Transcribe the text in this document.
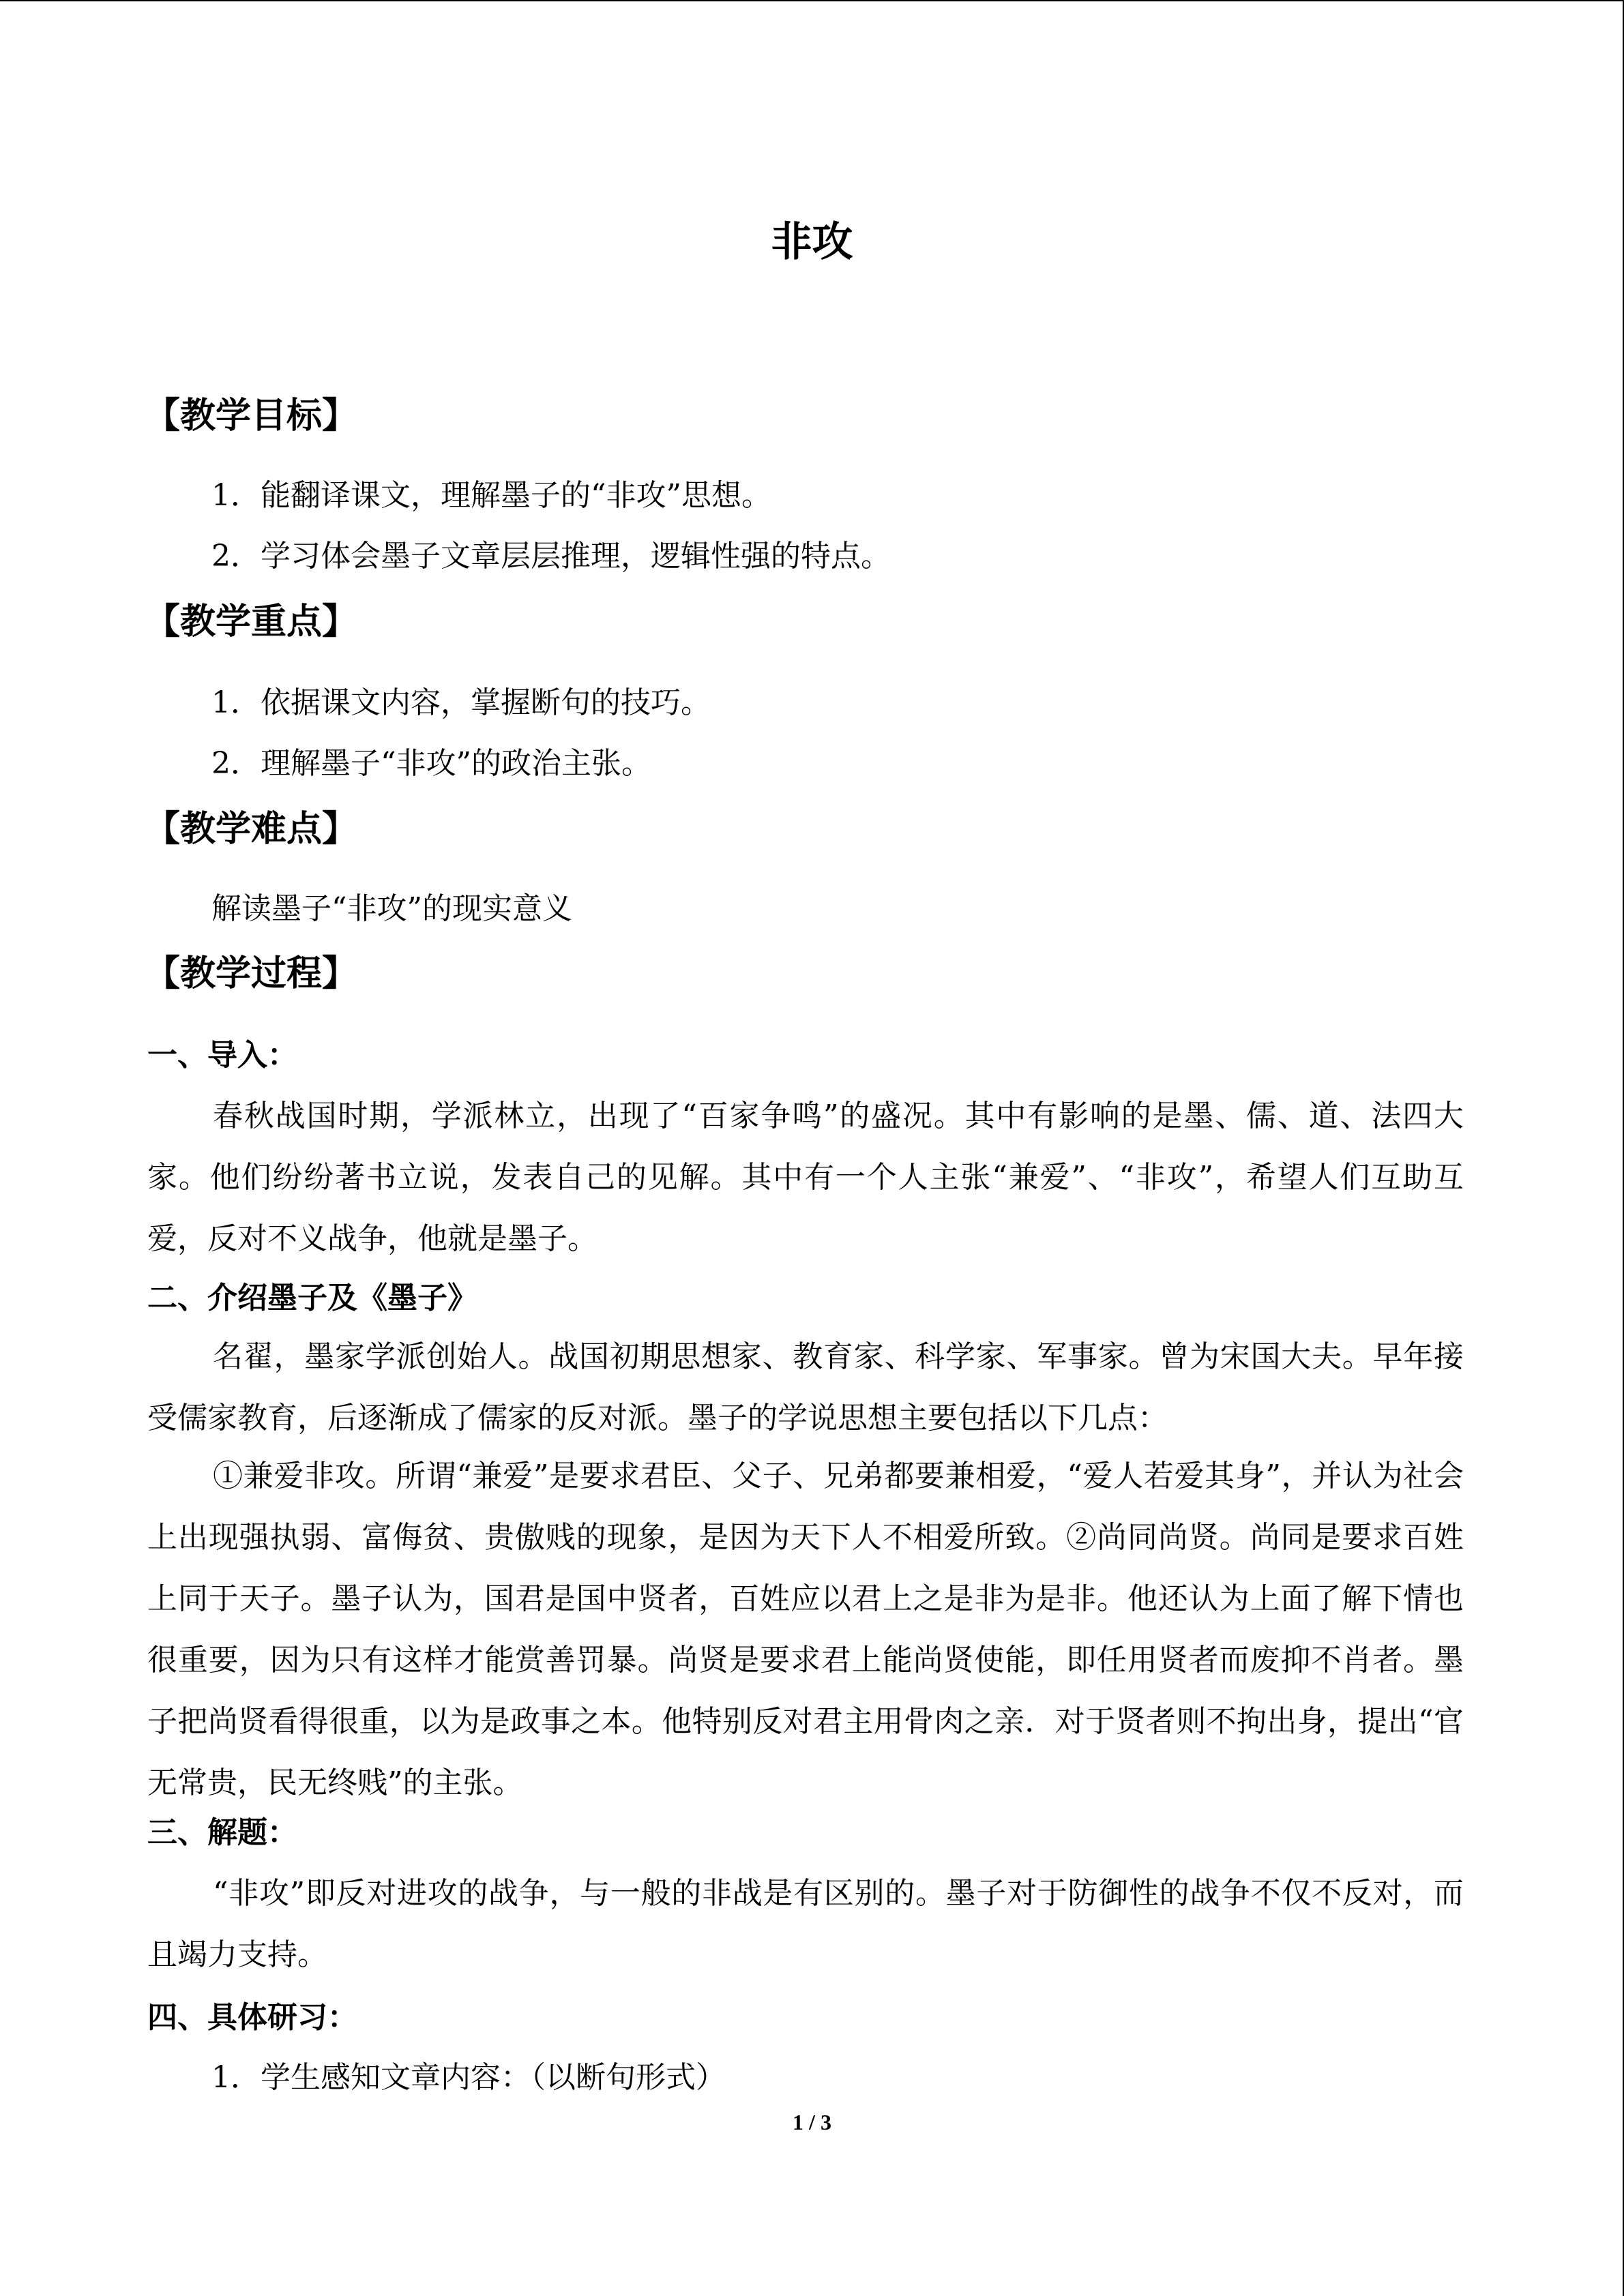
非攻
【教学目标】
1．能翻译课文，理解墨子的“非攻”思想。
2．学习体会墨子文章层层推理，逻辑性强的特点。
【教学重点】
1．依据课文内容，掌握断句的技巧。
2．理解墨子“非攻”的政治主张。
【教学难点】
解读墨子“非攻”的现实意义
【教学过程】
一、导入：
春秋战国时期，学派林立，出现了“百家争鸣”的盛况。其中有影响的是墨、儒、道、法四大家。他们纷纷著书立说，发表自己的见解。其中有一个人主张“兼爱”、“非攻”，希望人们互助互爱，反对不义战争，他就是墨子。
二、介绍墨子及《墨子》
名翟，墨家学派创始人。战国初期思想家、教育家、科学家、军事家。曾为宋国大夫。早年接受儒家教育，后逐渐成了儒家的反对派。墨子的学说思想主要包括以下几点：
①兼爱非攻。所谓“兼爱”是要求君臣、父子、兄弟都要兼相爱，“爱人若爱其身”，并认为社会上出现强执弱、富侮贫、贵傲贱的现象，是因为天下人不相爱所致。②尚同尚贤。尚同是要求百姓上同于天子。墨子认为，国君是国中贤者，百姓应以君上之是非为是非。他还认为上面了解下情也很重要，因为只有这样才能赏善罚暴。尚贤是要求君上能尚贤使能，即任用贤者而废抑不肖者。墨子把尚贤看得很重，以为是政事之本。他特别反对君主用骨肉之亲．对于贤者则不拘出身，提出“官无常贵，民无终贱”的主张。
三、解题：
“非攻”即反对进攻的战争，与一般的非战是有区别的。墨子对于防御性的战争不仅不反对，而且竭力支持。
四、具体研习：
1．学生感知文章内容：（以断句形式）
1 / 3
